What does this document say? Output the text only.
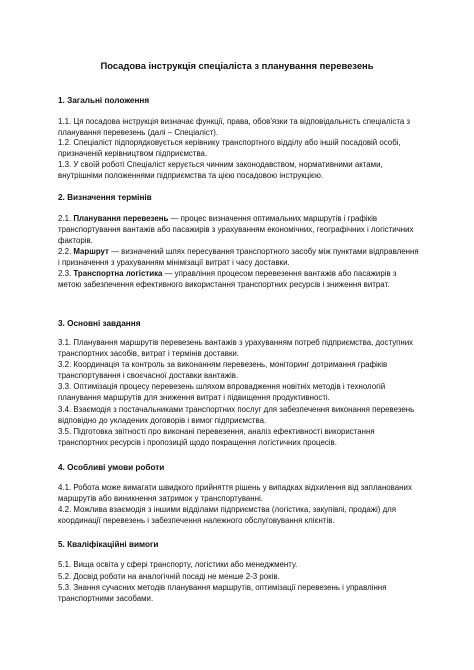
Посадова інструкція спеціаліста з планування перевезень
1. Загальні положення
1.1. Ця посадова інструкція визначає функції, права, обов'язки та відповідальність спеціаліста з планування перевезень (далі – Спеціаліст).
1.2. Спеціаліст підпорядковується керівнику транспортного відділу або іншій посадовій особі, призначеній керівництвом підприємства.
1.3. У своїй роботі Спеціаліст керується чинним законодавством, нормативними актами, внутрішніми положеннями підприємства та цією посадовою інструкцією.
2. Визначення термінів
2.1. Планування перевезень — процес визначення оптимальних маршрутів і графіків транспортування вантажів або пасажирів з урахуванням економічних, географічних і логістичних факторів.
2.2. Маршрут — визначений шлях пересування транспортного засобу між пунктами відправлення і призначення з урахуванням мінімізації витрат і часу доставки.
2.3. Транспортна логістика — управління процесом перевезення вантажів або пасажирів з метою забезпечення ефективного використання транспортних ресурсів і зниження витрат.
3. Основні завдання
3.1. Планування маршрутів перевезень вантажів з урахуванням потреб підприємства, доступних транспортних засобів, витрат і термінів доставки.
3.2. Координація та контроль за виконанням перевезень, моніторинг дотримання графіків транспортування і своєчасної доставки вантажів.
3.3. Оптимізація процесу перевезень шляхом впровадження новітніх методів і технологій планування маршрутів для зниження витрат і підвищення продуктивності.
3.4. Взаємодія з постачальниками транспортних послуг для забезпечення виконання перевезень відповідно до укладених договорів і вимог підприємства.
3.5. Підготовка звітності про виконані перевезення, аналіз ефективності використання транспортних ресурсів і пропозицій щодо покращення логістичних процесів.
4. Особливі умови роботи
4.1. Робота може вимагати швидкого прийняття рішень у випадках відхилення від запланованих маршрутів або виникнення затримок у транспортуванні.
4.2. Можлива взаємодія з іншими відділами підприємства (логістика, закупівлі, продажі) для координації перевезень і забезпечення належного обслуговування клієнтів.
5. Кваліфікаційні вимоги
5.1. Вища освіта у сфері транспорту, логістики або менеджменту.
5.2. Досвід роботи на аналогічній посаді не менше 2-3 років.
5.3. Знання сучасних методів планування маршрутів, оптимізації перевезень і управління транспортними засобами.
